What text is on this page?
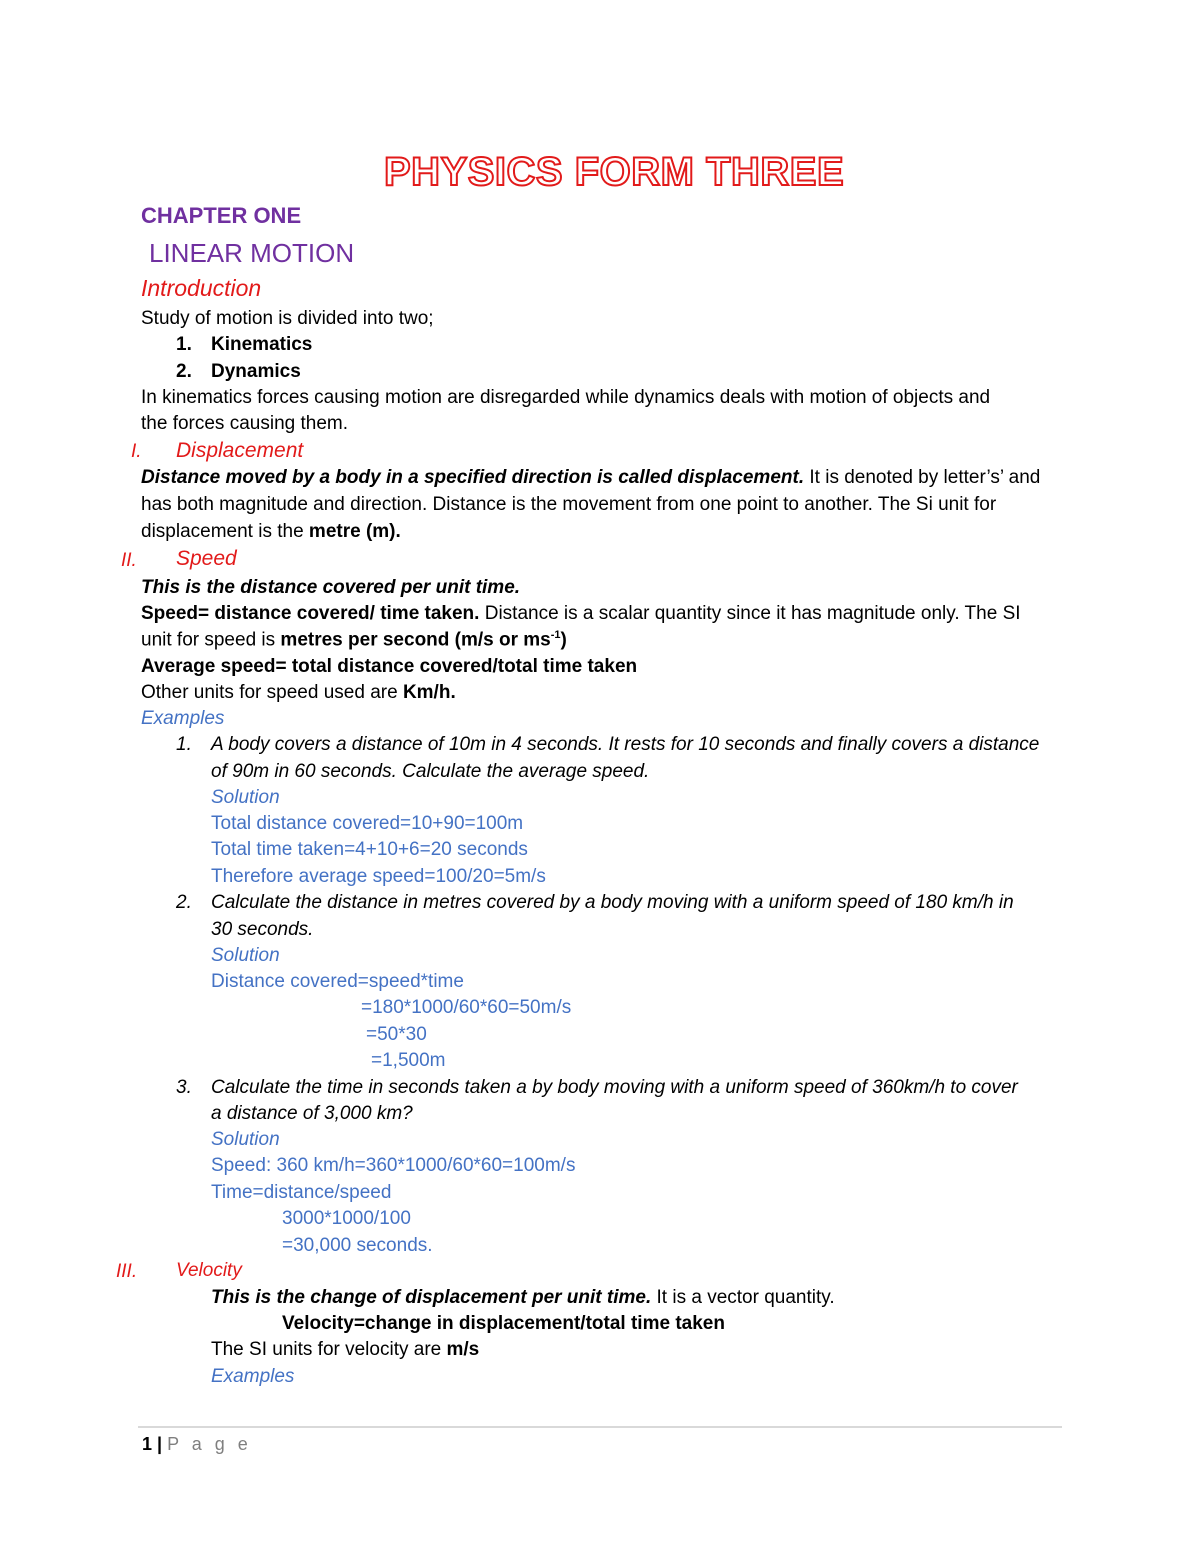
PHYSICS FORM THREE
CHAPTER ONE
LINEAR MOTION
Introduction
Study of motion is divided into two;
1. Kinematics
2. Dynamics
In kinematics forces causing motion are disregarded while dynamics deals with motion of objects and
the forces causing them.
I. Displacement
Distance moved by a body in a specified direction is called displacement. It is denoted by letter’s’ and
has both magnitude and direction. Distance is the movement from one point to another. The Si unit for
displacement is the metre (m).
II. Speed
This is the distance covered per unit time.
Speed= distance covered/ time taken. Distance is a scalar quantity since it has magnitude only. The SI
unit for speed is metres per second (m/s or $ms^{-1}$)
Average speed= total distance covered/total time taken
Other units for speed used are Km/h.
Examples
1. A body covers a distance of 10m in 4 seconds. It rests for 10 seconds and finally covers a distance
of 90m in 60 seconds. Calculate the average speed.
Solution
Total distance covered=10+90=100m
Total time taken=4+10+6=20 seconds
Therefore average speed=100/20=5m/s
2. Calculate the distance in metres covered by a body moving with a uniform speed of 180 km/h in
30 seconds.
Solution
Distance covered=speed*time
=180*1000/60*60=50m/s
=50*30
=1,500m
3. Calculate the time in seconds taken a by body moving with a uniform speed of 360km/h to cover
a distance of 3,000 km?
Solution
Speed: 360 km/h=360*1000/60*60=100m/s
Time=distance/speed
3000*1000/100
=30,000 seconds.
III. Velocity
This is the change of displacement per unit time. It is a vector quantity.
Velocity=change in displacement/total time taken
The SI units for velocity are m/s
Examples
1 | P a g e
